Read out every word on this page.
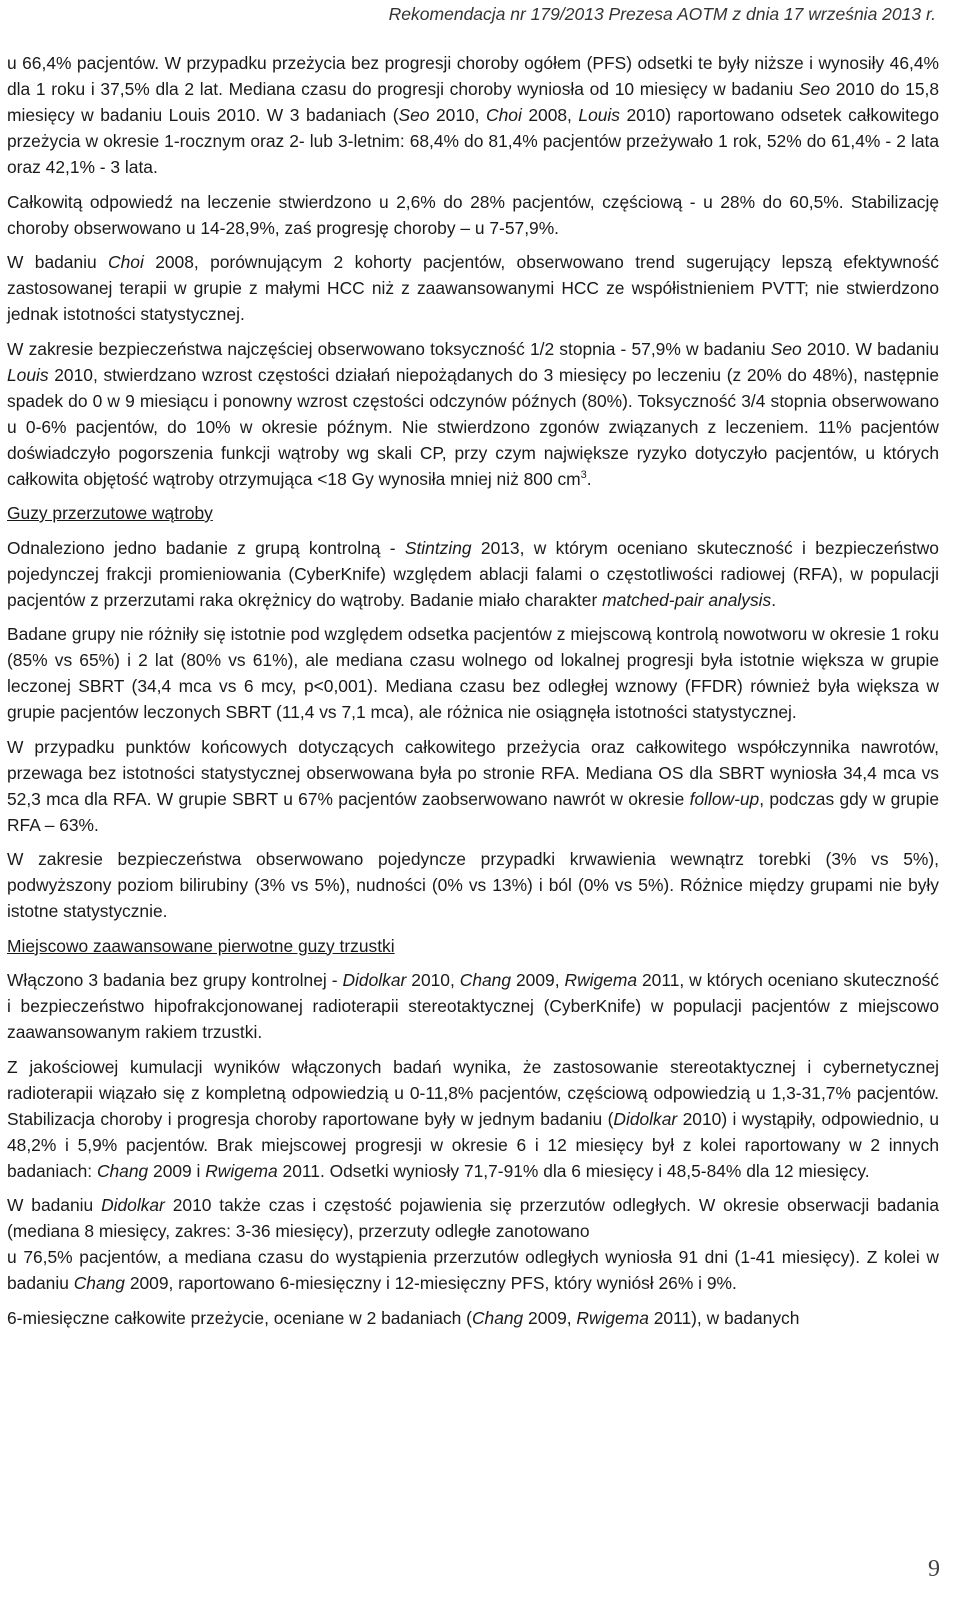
Rekomendacja nr 179/2013 Prezesa AOTM z dnia 17 września 2013 r.

u 66,4% pacjentów. W przypadku przeżycia bez progresji choroby ogółem (PFS) odsetki te były niższe i wynosiły 46,4% dla 1 roku i 37,5% dla 2 lat. Mediana czasu do progresji choroby wyniosła od 10 miesięcy w badaniu Seo 2010 do 15,8 miesięcy w badaniu Louis 2010. W 3 badaniach (Seo 2010, Choi 2008, Louis 2010) raportowano odsetek całkowitego przeżycia w okresie 1-rocznym oraz 2- lub 3-letnim: 68,4% do 81,4% pacjentów przeżywało 1 rok, 52% do 61,4% - 2 lata oraz 42,1% - 3 lata.

Całkowitą odpowiedź na leczenie stwierdzono u 2,6% do 28% pacjentów, częściową - u 28% do 60,5%. Stabilizację choroby obserwowano u 14-28,9%, zaś progresję choroby – u 7-57,9%.

W badaniu Choi 2008, porównującym 2 kohorty pacjentów, obserwowano trend sugerujący lepszą efektywność zastosowanej terapii w grupie z małymi HCC niż z zaawansowanymi HCC ze współistnieniem PVTT; nie stwierdzono jednak istotności statystycznej.

W zakresie bezpieczeństwa najczęściej obserwowano toksyczność 1/2 stopnia - 57,9% w badaniu Seo 2010. W badaniu Louis 2010, stwierdzano wzrost częstości działań niepożądanych do 3 miesięcy po leczeniu (z 20% do 48%), następnie spadek do 0 w 9 miesiącu i ponowny wzrost częstości odczynów późnych (80%). Toksyczność 3/4 stopnia obserwowano u 0-6% pacjentów, do 10% w okresie późnym. Nie stwierdzono zgonów związanych z leczeniem. 11% pacjentów doświadczyło pogorszenia funkcji wątroby wg skali CP, przy czym największe ryzyko dotyczyło pacjentów, u których całkowita objętość wątroby otrzymująca <18 Gy wynosiła mniej niż 800 $cm^3$.

Guzy przerzutowe wątroby

Odnaleziono jedno badanie z grupą kontrolną - Stintzing 2013, w którym oceniano skuteczność i bezpieczeństwo pojedynczej frakcji promieniowania (CyberKnife) względem ablacji falami o częstotliwości radiowej (RFA), w populacji pacjentów z przerzutami raka okrężnicy do wątroby. Badanie miało charakter matched-pair analysis.

Badane grupy nie różniły się istotnie pod względem odsetka pacjentów z miejscową kontrolą nowotworu w okresie 1 roku (85% vs 65%) i 2 lat (80% vs 61%), ale mediana czasu wolnego od lokalnej progresji była istotnie większa w grupie leczonej SBRT (34,4 mca vs 6 mcy, p<0,001). Mediana czasu bez odległej wznowy (FFDR) również była większa w grupie pacjentów leczonych SBRT (11,4 vs 7,1 mca), ale różnica nie osiągnęła istotności statystycznej.

W przypadku punktów końcowych dotyczących całkowitego przeżycia oraz całkowitego współczynnika nawrotów, przewaga bez istotności statystycznej obserwowana była po stronie RFA. Mediana OS dla SBRT wyniosła 34,4 mca vs 52,3 mca dla RFA. W grupie SBRT u 67% pacjentów zaobserwowano nawrót w okresie follow-up, podczas gdy w grupie RFA – 63%.

W zakresie bezpieczeństwa obserwowano pojedyncze przypadki krwawienia wewnątrz torebki (3% vs 5%), podwyższony poziom bilirubiny (3% vs 5%), nudności (0% vs 13%) i ból (0% vs 5%). Różnice między grupami nie były istotne statystycznie.

Miejscowo zaawansowane pierwotne guzy trzustki

Włączono 3 badania bez grupy kontrolnej - Didolkar 2010, Chang 2009, Rwigema 2011, w których oceniano skuteczność i bezpieczeństwo hipofrakcjonowanej radioterapii stereotaktycznej (CyberKnife) w populacji pacjentów z miejscowo zaawansowanym rakiem trzustki.

Z jakościowej kumulacji wyników włączonych badań wynika, że zastosowanie stereotaktycznej i cybernetycznej radioterapii wiązało się z kompletną odpowiedzią u 0-11,8% pacjentów, częściową odpowiedzią u 1,3-31,7% pacjentów. Stabilizacja choroby i progresja choroby raportowane były w jednym badaniu (Didolkar 2010) i wystąpiły, odpowiednio, u 48,2% i 5,9% pacjentów. Brak miejscowej progresji w okresie 6 i 12 miesięcy był z kolei raportowany w 2 innych badaniach: Chang 2009 i Rwigema 2011. Odsetki wyniosły 71,7-91% dla 6 miesięcy i 48,5-84% dla 12 miesięcy.

W badaniu Didolkar 2010 także czas i częstość pojawienia się przerzutów odległych. W okresie obserwacji badania (mediana 8 miesięcy, zakres: 3-36 miesięcy), przerzuty odległe zanotowano
u 76,5% pacjentów, a mediana czasu do wystąpienia przerzutów odległych wyniosła 91 dni (1-41 miesięcy). Z kolei w badaniu Chang 2009, raportowano 6-miesięczny i 12-miesięczny PFS, który wyniósł 26% i 9%.

6-miesięczne całkowite przeżycie, oceniane w 2 badaniach (Chang 2009, Rwigema 2011), w badanych

9
